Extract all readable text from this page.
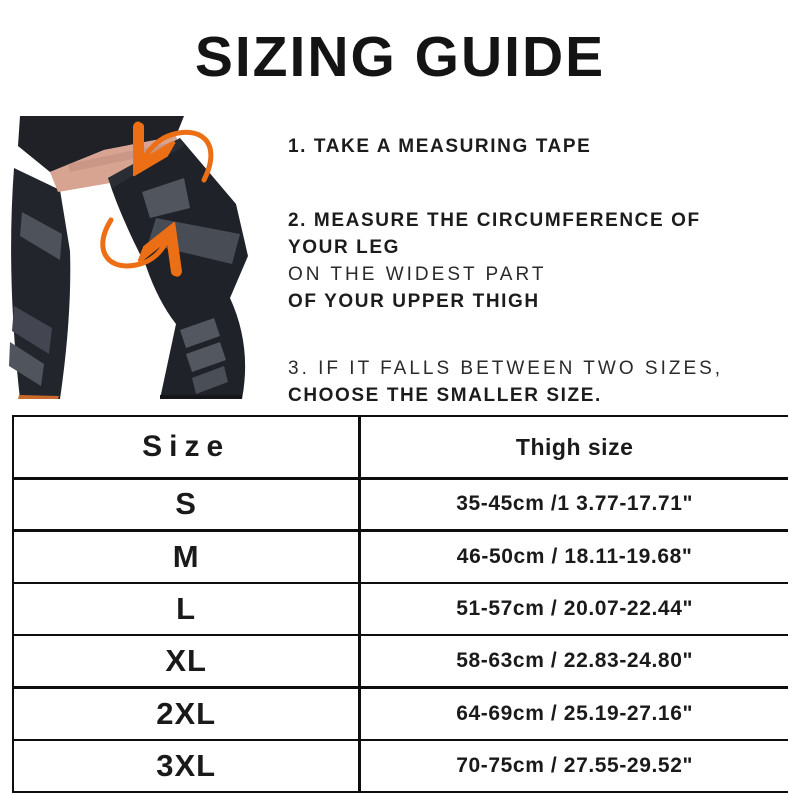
SIZING GUIDE
1. TAKE A MEASURING TAPE
2. MEASURE THE CIRCUMFERENCE OF YOUR LEG
ON THE WIDEST PART
OF YOUR UPPER THIGH
3. IF IT FALLS BETWEEN TWO SIZES,
CHOOSE THE SMALLER SIZE.
Size	Thigh size
S	35-45cm /1 3.77-17.71"
M	46-50cm / 18.11-19.68"
L	51-57cm / 20.07-22.44"
XL	58-63cm / 22.83-24.80"
2XL	64-69cm / 25.19-27.16"
3XL	70-75cm / 27.55-29.52"
